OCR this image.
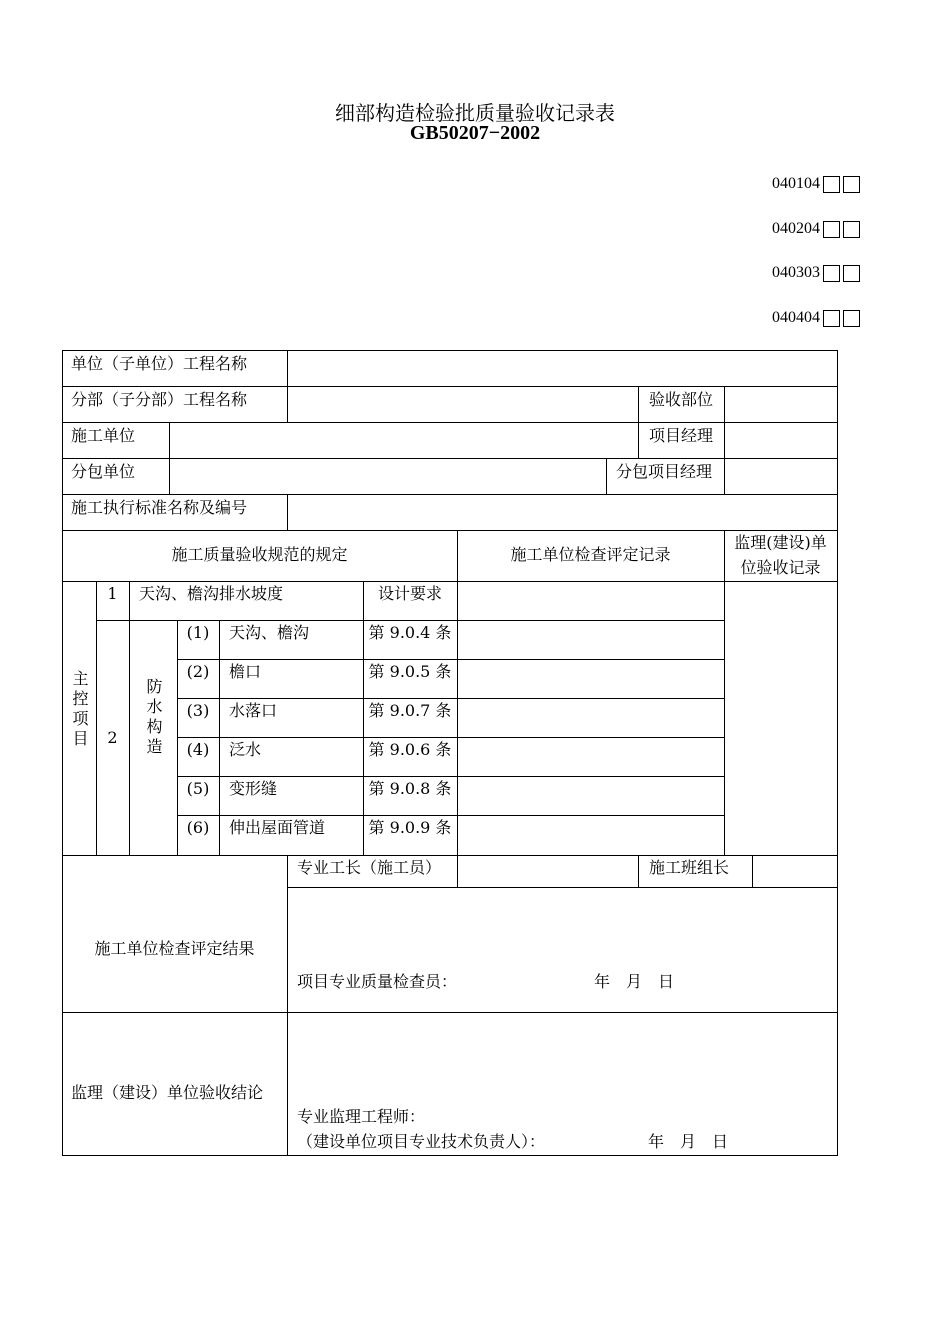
细部构造检验批质量验收记录表
GB50207−2002
040104
040204
040303
040404
单位（子单位）工程名称
分部（子分部）工程名称	验收部位
施工单位	项目经理
分包单位	分包项目经理
施工执行标准名称及编号
施工质量验收规范的规定	施工单位检查评定记录
监理(建设)单
位验收记录
主控项目
1	天沟、檐沟排水坡度	设计要求
2	防水构造
(1)	天沟、檐沟	第 9.0.4 条
(2)	檐口	第 9.0.5 条
(3)	水落口	第 9.0.7 条
(4)	泛水	第 9.0.6 条
(5)	变形缝	第 9.0.8 条
(6)	伸出屋面管道	第 9.0.9 条
施工单位检查评定结果
专业工长（施工员）	施工班组长
项目专业质量检查员：	年　月　日
监理（建设）单位验收结论
专业监理工程师：
（建设单位项目专业技术负责人）：	年　月　日
